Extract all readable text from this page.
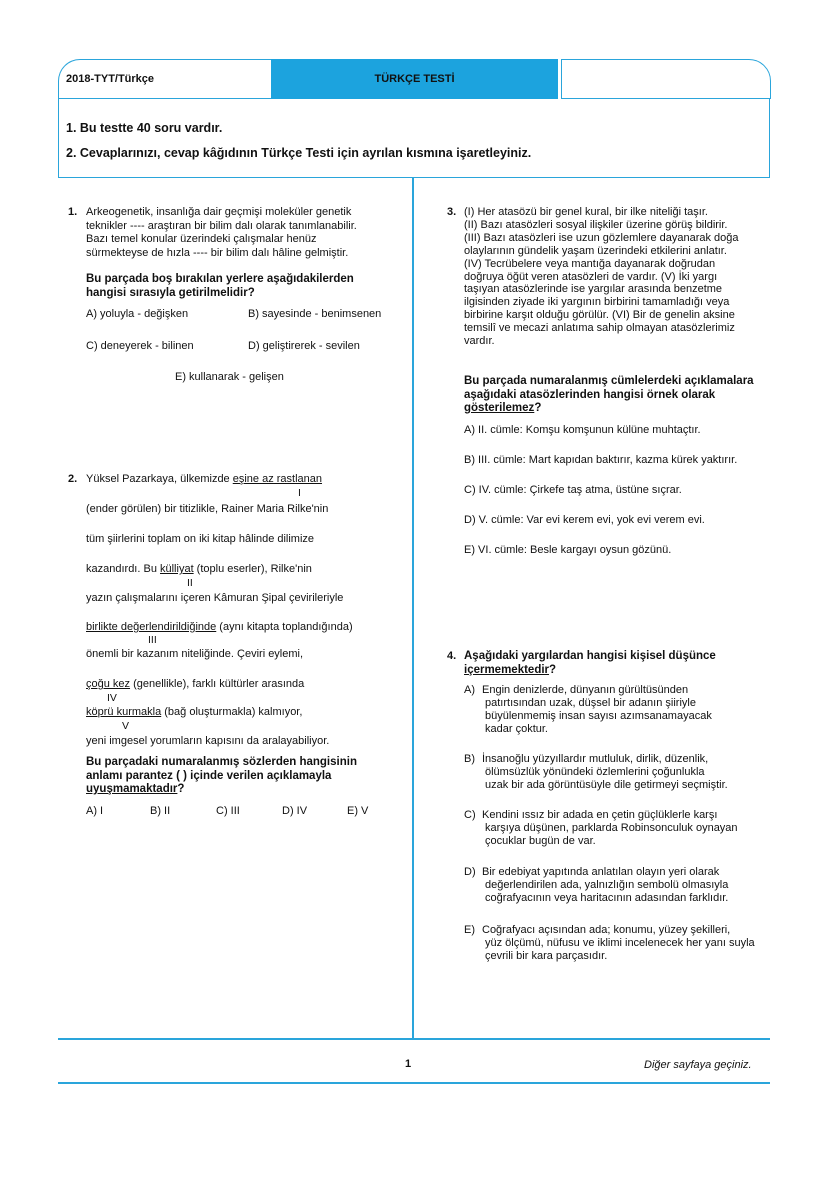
2018-TYT/Türkçe	TÜRKÇE TESTİ
1. Bu testte 40 soru vardır.
2. Cevaplarınızı, cevap kâğıdının Türkçe Testi için ayrılan kısmına işaretleyiniz.
1. Arkeogenetik, insanlığa dair geçmişi moleküler genetik

teknikler ---- araştıran bir bilim dalı olarak tanımlanabilir.

Bazı temel konular üzerindeki çalışmalar henüz

sürmekteyse de hızla ---- bir bilim dalı hâline gelmiştir.

Bu parçada boş bırakılan yerlere aşağıdakilerden

hangisi sırasıyla getirilmelidir?

A) yoluyla - değişken	B) sayesinde - benimsenen
C) deneyerek - bilinen	D) geliştirerek - sevilen
E) kullanarak - gelişen
2. Yüksel Pazarkaya, ülkemizde eşine az rastlanan
I
(ender görülen) bir titizlikle, Rainer Maria Rilke'nin
tüm şiirlerini toplam on iki kitap hâlinde dilimize
kazandırdı. Bu külliyat (toplu eserler), Rilke'nin
II
yazın çalışmalarını içeren Kâmuran Şipal çevirileriyle
birlikte değerlendirildiğinde (aynı kitapta toplandığında)
III
önemli bir kazanım niteliğinde. Çeviri eylemi,
çoğu kez (genellikle), farklı kültürler arasında
IV
köprü kurmakla (bağ oluşturmakla) kalmıyor,
V
yeni imgesel yorumların kapısını da aralayabiliyor.

Bu parçadaki numaralanmış sözlerden hangisinin

anlamı parantez ( ) içinde verilen açıklamayla

uyuşmamaktadır?

A) I	B) II	C) III	D) IV	E) V
3. (I) Her atasözü bir genel kural, bir ilke niteliği taşır.

(II) Bazı atasözleri sosyal ilişkiler üzerine görüş bildirir.

(III) Bazı atasözleri ise uzun gözlemlere dayanarak doğa

olaylarının gündelik yaşam üzerindeki etkilerini anlatır.

(IV) Tecrübelere veya mantığa dayanarak doğrudan

doğruya öğüt veren atasözleri de vardır. (V) İki yargı

taşıyan atasözlerinde ise yargılar arasında benzetme

ilgisinden ziyade iki yargının birbirini tamamladığı veya

birbirine karşıt olduğu görülür. (VI) Bir de genelin aksine

temsilî ve mecazi anlatıma sahip olmayan atasözlerimiz

vardır.

Bu parçada numaralanmış cümlelerdeki açıklamalara

aşağıdaki atasözlerinden hangisi örnek olarak

gösterilemez?

A) II. cümle: Komşu komşunun külüne muhtaçtır.
B) III. cümle: Mart kapıdan baktırır, kazma kürek yaktırır.
C) IV. cümle: Çirkefe taş atma, üstüne sıçrar.
D) V. cümle: Var evi kerem evi, yok evi verem evi.
E) VI. cümle: Besle kargayı oysun gözünü.
4. Aşağıdaki yargılardan hangisi kişisel düşünce

içermemektedir?

A) Engin denizlerde, dünyanın gürültüsünden

patırtısından uzak, düşsel bir adanın şiiriyle

büyülenmemiş insan sayısı azımsanamayacak

kadar çoktur.

B) İnsanoğlu yüzyıllardır mutluluk, dirlik, düzenlik,

ölümsüzlük yönündeki özlemlerini çoğunlukla

uzak bir ada görüntüsüyle dile getirmeyi seçmiştir.

C) Kendini ıssız bir adada en çetin güçlüklerle karşı

karşıya düşünen, parklarda Robinsonculuk oynayan

çocuklar bugün de var.

D) Bir edebiyat yapıtında anlatılan olayın yeri olarak

değerlendirilen ada, yalnızlığın sembolü olmasıyla

coğrafyacının veya haritacının adasından farklıdır.

E) Coğrafyacı açısından ada; konumu, yüzey şekilleri,

yüz ölçümü, nüfusu ve iklimi incelenecek her yanı suyla

çevrili bir kara parçasıdır.

1	Diğer sayfaya geçiniz.
